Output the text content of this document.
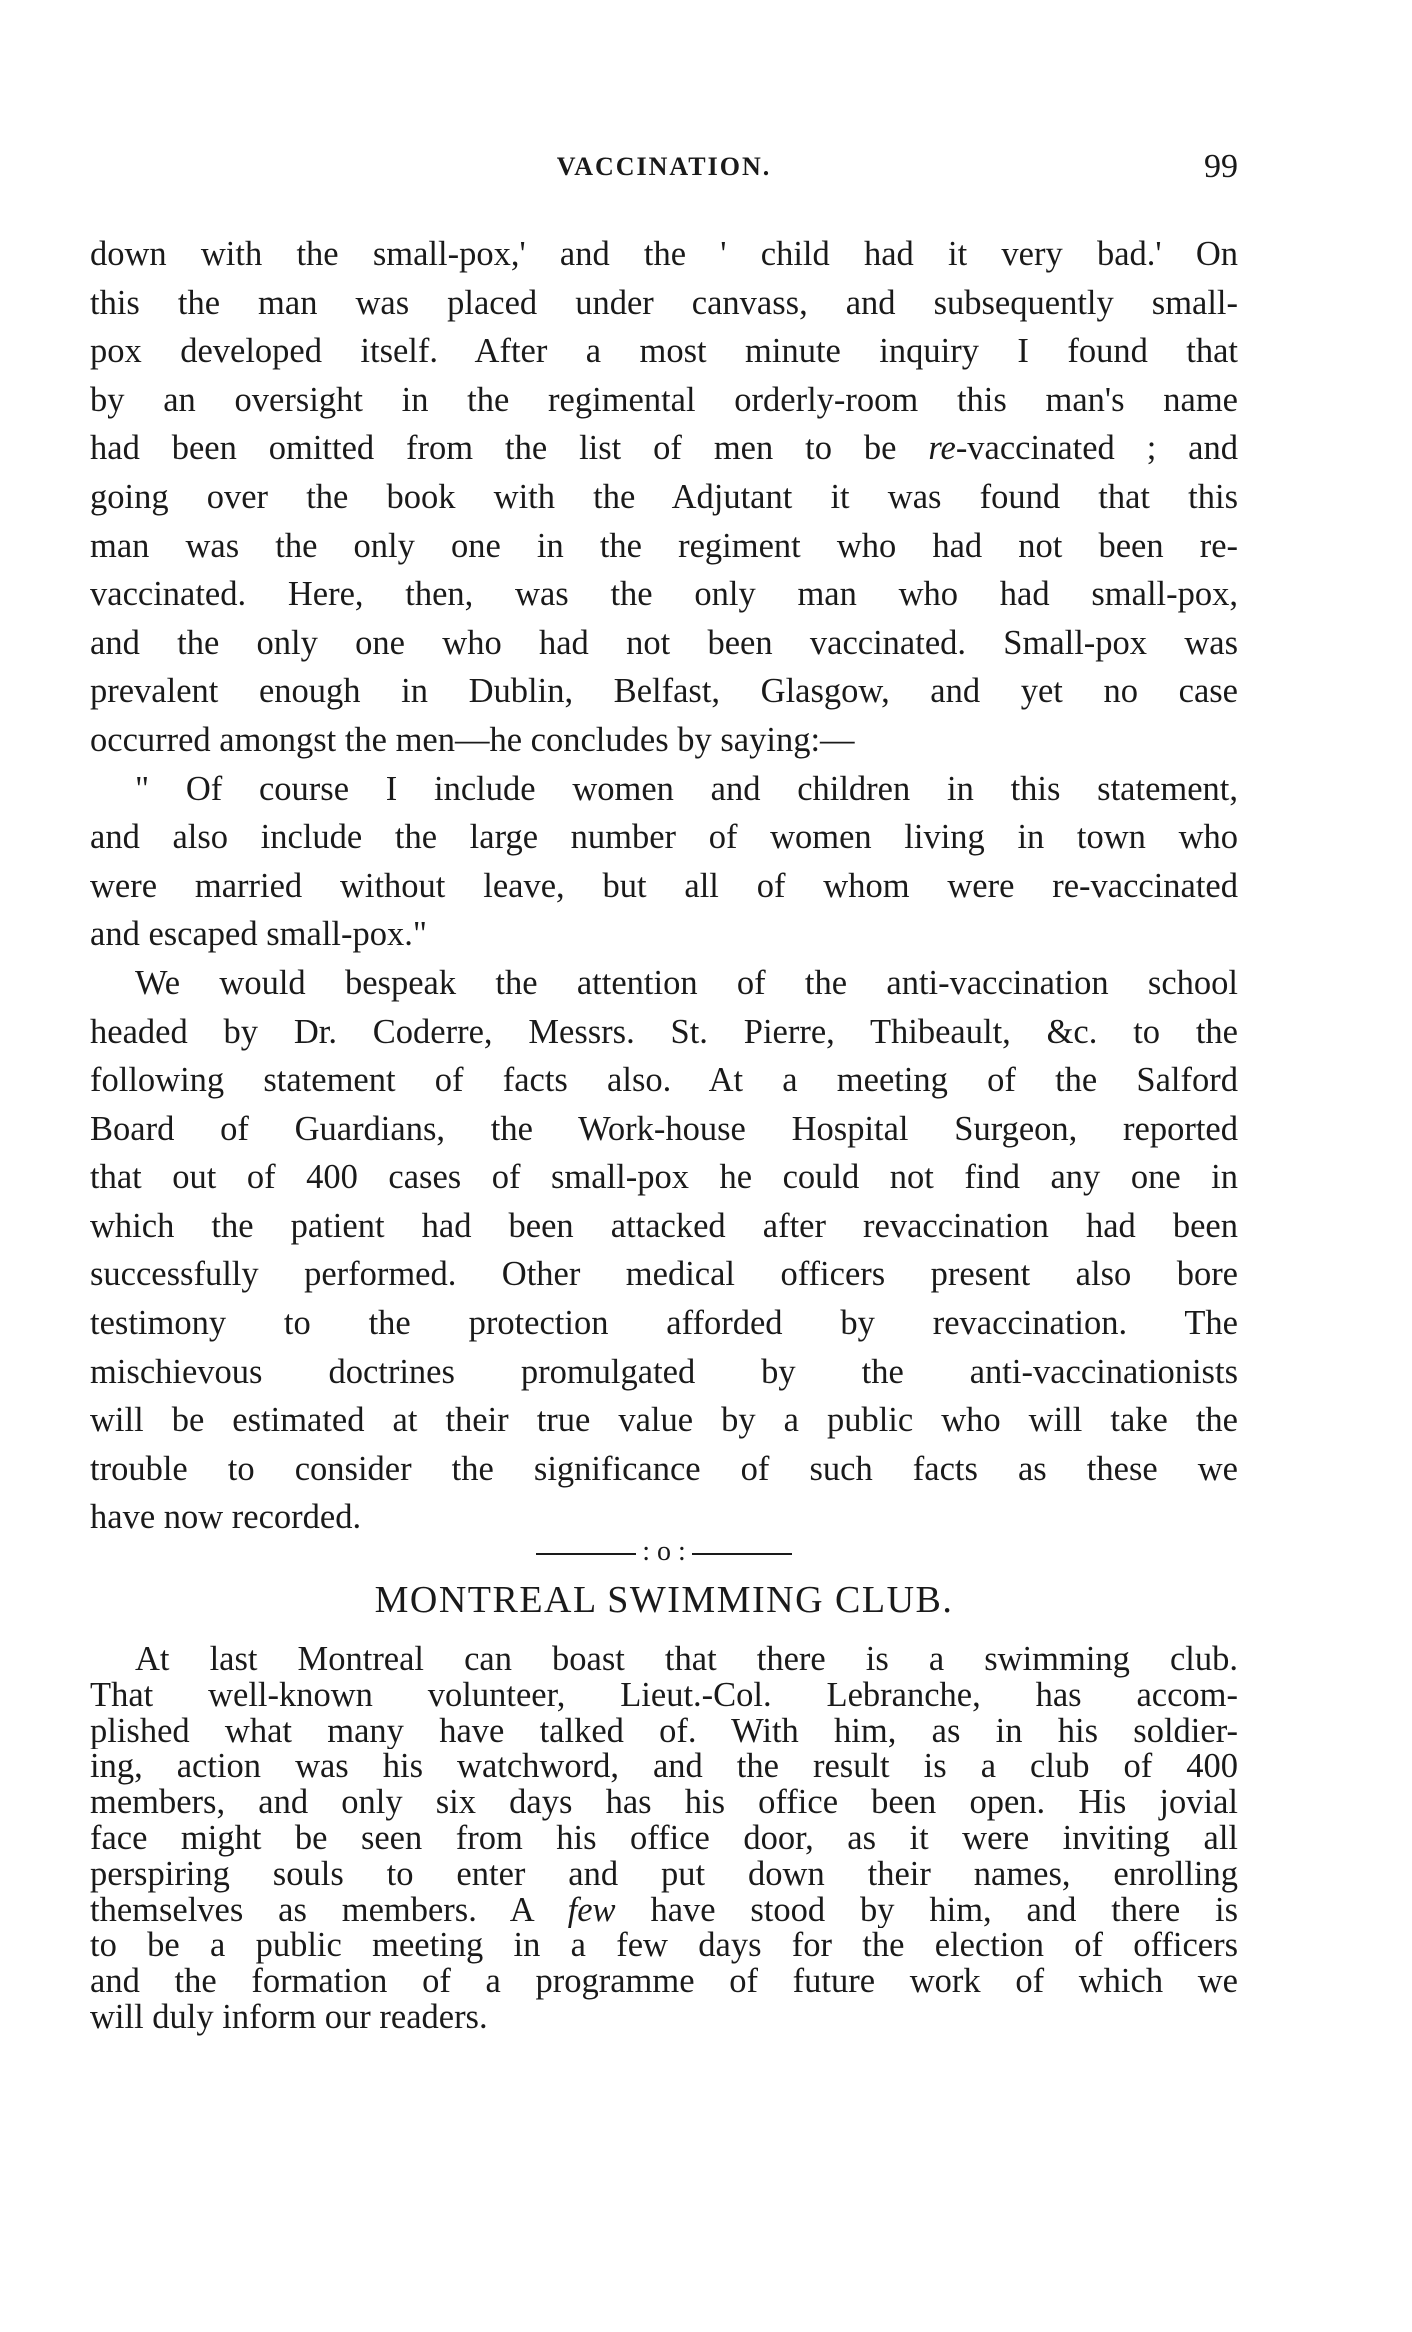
VACCINATION.	99
down with the small-pox,' and the ' child had it very bad.' On
this the man was placed under canvass, and subsequently small-
pox developed itself. After a most minute inquiry I found that
by an oversight in the regimental orderly-room this man's name
had been omitted from the list of men to be re-vaccinated ; and
going over the book with the Adjutant it was found that this
man was the only one in the regiment who had not been re-
vaccinated. Here, then, was the only man who had small-pox,
and the only one who had not been vaccinated. Small-pox was
prevalent enough in Dublin, Belfast, Glasgow, and yet no case
occurred amongst the men—he concludes by saying:—
" Of course I include women and children in this statement,
and also include the large number of women living in town who
were married without leave, but all of whom were re-vaccinated
and escaped small-pox."
We would bespeak the attention of the anti-vaccination school
headed by Dr. Coderre, Messrs. St. Pierre, Thibeault, &c. to the
following statement of facts also. At a meeting of the Salford
Board of Guardians, the Work-house Hospital Surgeon, reported
that out of 400 cases of small-pox he could not find any one in
which the patient had been attacked after revaccination had been
successfully performed. Other medical officers present also bore
testimony to the protection afforded by revaccination. The
mischievous doctrines promulgated by the anti-vaccinationists
will be estimated at their true value by a public who will take the
trouble to consider the significance of such facts as these we
have now recorded.
: o :
MONTREAL SWIMMING CLUB.
At last Montreal can boast that there is a swimming club.
That well-known volunteer, Lieut.-Col. Lebranche, has accom-
plished what many have talked of. With him, as in his soldier-
ing, action was his watchword, and the result is a club of 400
members, and only six days has his office been open. His jovial
face might be seen from his office door, as it were inviting all
perspiring souls to enter and put down their names, enrolling
themselves as members. A few have stood by him, and there is
to be a public meeting in a few days for the election of officers
and the formation of a programme of future work of which we
will duly inform our readers.
